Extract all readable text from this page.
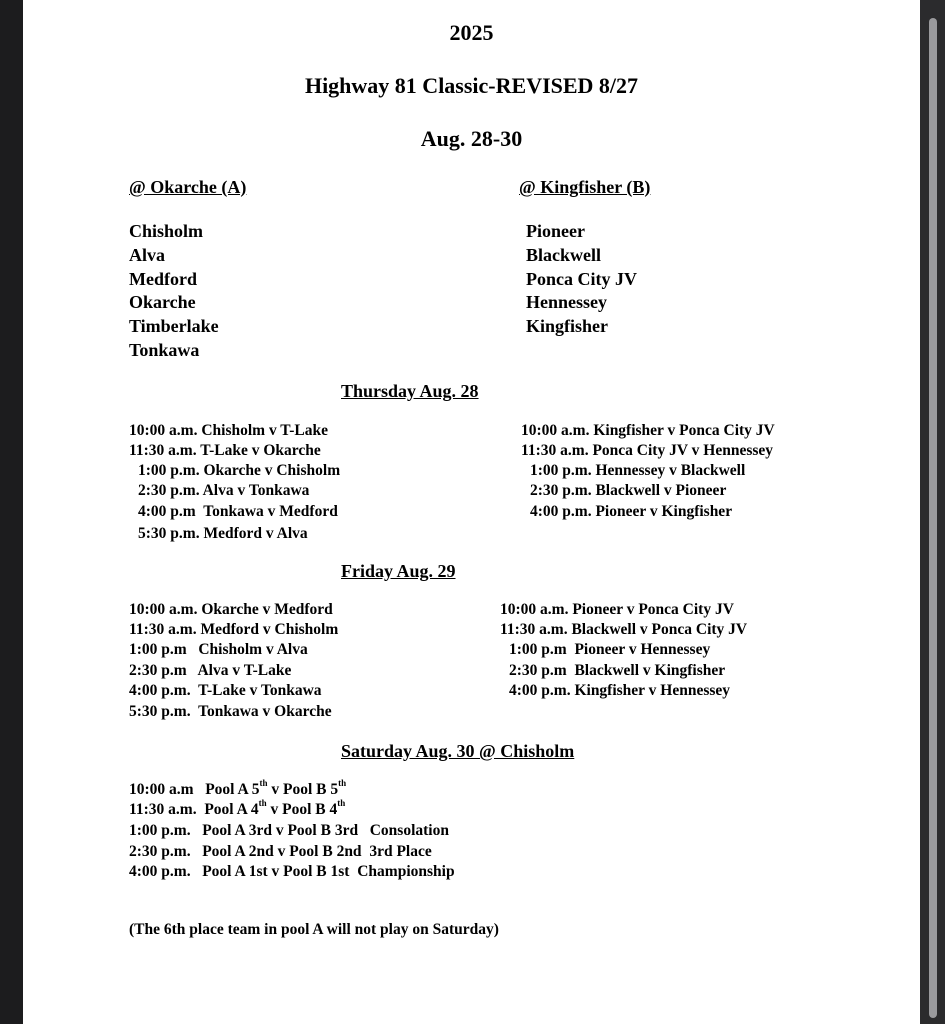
2025
Highway 81 Classic-REVISED 8/27
Aug. 28-30
@ Okarche (A)	@ Kingfisher (B)
Chisholm
Alva
Medford
Okarche
Timberlake
Tonkawa
Pioneer
Blackwell
Ponca City JV
Hennessey
Kingfisher
Thursday Aug. 28
10:00 a.m. Chisholm v T-Lake
11:30 a.m. T-Lake v Okarche
1:00 p.m. Okarche v Chisholm
2:30 p.m. Alva v Tonkawa
4:00 p.m Tonkawa v Medford
5:30 p.m. Medford v Alva
10:00 a.m. Kingfisher v Ponca City JV
11:30 a.m. Ponca City JV v Hennessey
1:00 p.m. Hennessey v Blackwell
2:30 p.m. Blackwell v Pioneer
4:00 p.m. Pioneer v Kingfisher
Friday Aug. 29
10:00 a.m. Okarche v Medford
11:30 a.m. Medford v Chisholm
1:00 p.m Chisholm v Alva
2:30 p.m Alva v T-Lake
4:00 p.m. T-Lake v Tonkawa
5:30 p.m. Tonkawa v Okarche
10:00 a.m. Pioneer v Ponca City JV
11:30 a.m. Blackwell v Ponca City JV
1:00 p.m Pioneer v Hennessey
2:30 p.m Blackwell v Kingfisher
4:00 p.m. Kingfisher v Hennessey
Saturday Aug. 30 @ Chisholm
10:00 a.m Pool A 5th v Pool B 5th
11:30 a.m. Pool A 4th v Pool B 4th
1:00 p.m. Pool A 3rd v Pool B 3rd Consolation
2:30 p.m. Pool A 2nd v Pool B 2nd 3rd Place
4:00 p.m. Pool A 1st v Pool B 1st Championship
(The 6th place team in pool A will not play on Saturday)
